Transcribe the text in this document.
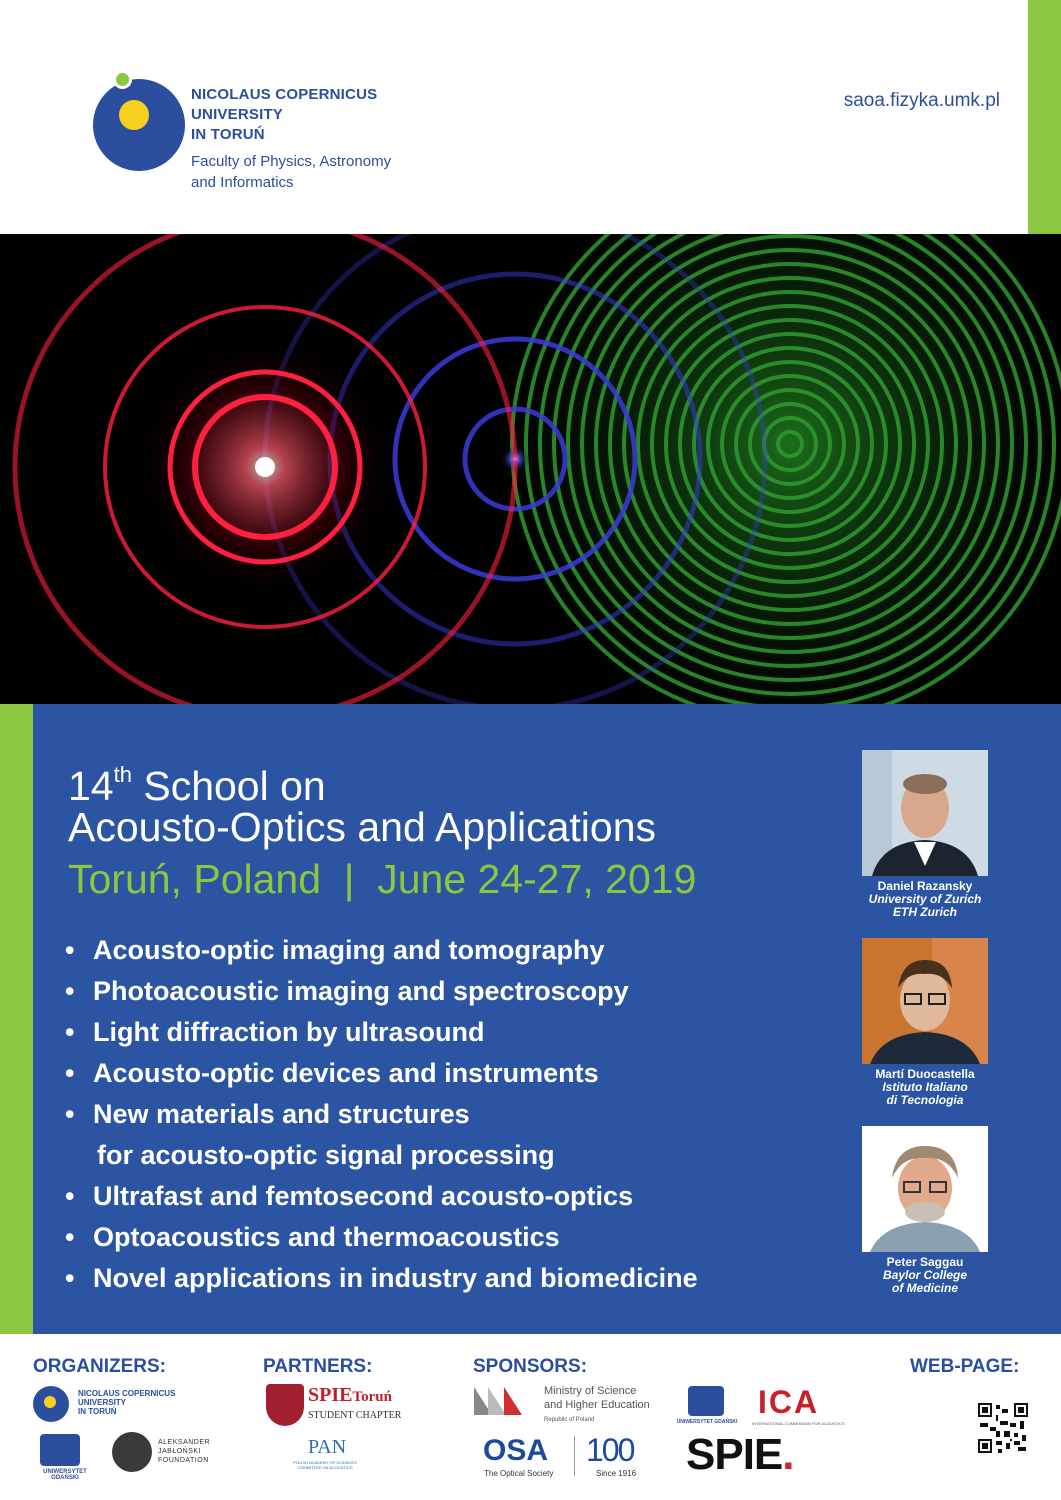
NICOLAUS COPERNICUS
UNIVERSITY
IN TORUŃ
Faculty of Physics, Astronomy
and Informatics
saoa.fizyka.umk.pl
14th School on
Acousto-Optics and Applications
Toruń, Poland  |  June 24-27, 2019
• Acousto-optic imaging and tomography
• Photoacoustic imaging and spectroscopy
• Light diffraction by ultrasound
• Acousto-optic devices and instruments
• New materials and structures
for acousto-optic signal processing
• Ultrafast and femtosecond acousto-optics
• Optoacoustics and thermoacoustics
• Novel applications in industry and biomedicine
Daniel Razansky
University of Zurich
ETH Zurich
Martí Duocastella
Istituto Italiano
di Tecnologia
Peter Saggau
Baylor College
of Medicine
ORGANIZERS:	PARTNERS:	SPONSORS:	WEB-PAGE:
NICOLAUS COPERNICUS
UNIVERSITY
IN TORUŃ
UNIWERSYTET GDAŃSKI
ALEKSANDER
JABŁOŃSKI
FOUNDATION
SPIEToruń
STUDENT CHAPTER
PAN
POLISH ACADEMY OF SCIENCES
COMMITTEE ON ACOUSTICS
Ministry of Science
and Higher Education
Republic of Poland	UNIWERSYTET GDAŃSKI
ICA
INTERNATIONAL COMMISSION FOR ACOUSTICS
OSA
The Optical Society
100
Since 1916 SPIE.
